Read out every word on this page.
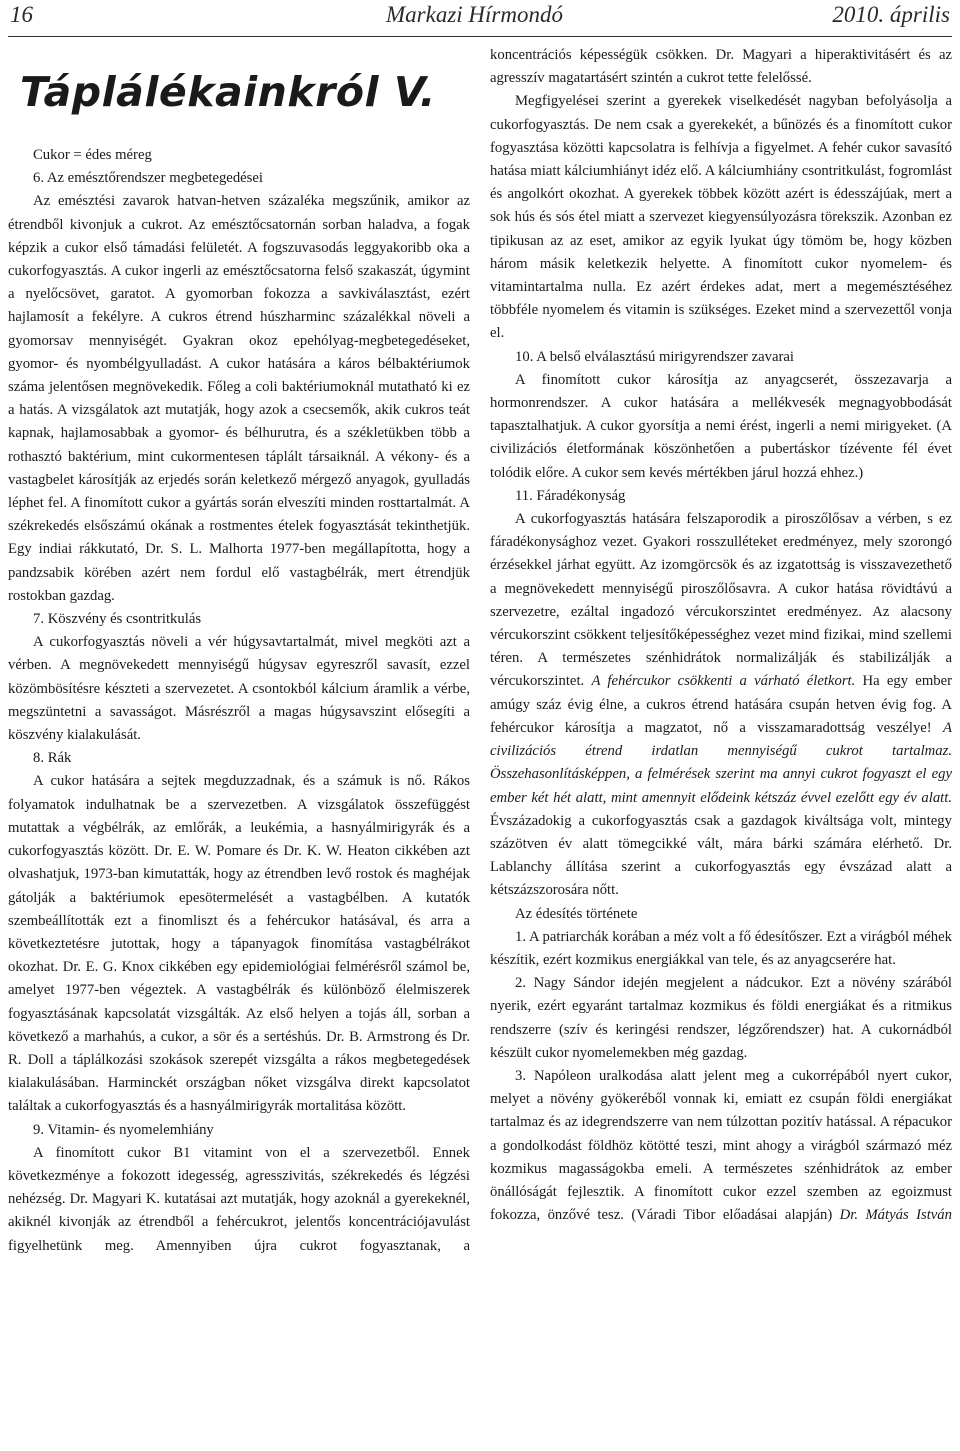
16	Markazi Hírmondó	2010. április
Táplálékainkról V.

Cukor = édes méreg

6. Az emésztőrendszer megbetegedései

Az emésztési zavarok hatvan-hetven százaléka megszűnik, amikor az étrendből kivonjuk a cukrot. Az emésztőcsatornán sorban haladva, a fogak képzik a cukor első támadási felületét. A fogszuvasodás leggyakoribb oka a cukorfogyasztás. A cukor ingerli az emésztőcsatorna felső szakaszát, úgymint a nyelőcsövet, garatot. A gyomorban fokozza a savkiválasztást, ezért hajlamosít a fekélyre. A cukros étrend húszharminc százalékkal növeli a gyomorsav mennyiségét. Gyakran okoz epehólyag-megbetegedéseket, gyomor- és nyombélgyulladást. A cukor hatására a káros bélbaktériumok száma jelentősen megnövekedik. Főleg a coli baktériumoknál mutatható ki ez a hatás. A vizsgálatok azt mutatják, hogy azok a csecsemők, akik cukros teát kapnak, hajlamosabbak a gyomor- és bélhurutra, és a székletükben több a rothasztó baktérium, mint cukormentesen táplált társaiknál. A vékony- és a vastagbelet károsítják az erjedés során keletkező mérgező anyagok, gyulladás léphet fel. A finomított cukor a gyártás során elveszíti minden rosttartalmát. A székrekedés elsőszámú okának a rostmentes ételek fogyasztását tekinthetjük. Egy indiai rákkutató, Dr. S. L. Malhorta 1977-ben megállapította, hogy a pandzsabik körében azért nem fordul elő vastagbélrák, mert étrendjük rostokban gazdag.

7. Köszvény és csontritkulás

A cukorfogyasztás növeli a vér húgysavtartalmát, mivel megköti azt a vérben. A megnövekedett mennyiségű húgysav egyreszről savasít, ezzel közömbösítésre készteti a szervezetet. A csontokból kálcium áramlik a vérbe, megszüntetni a savasságot. Másrészről a magas húgysavszint elősegíti a köszvény kialakulását.

8. Rák

A cukor hatására a sejtek megduzzadnak, és a számuk is nő. Rákos folyamatok indulhatnak be a szervezetben. A vizsgálatok összefüggést mutattak a végbélrák, az emlőrák, a leukémia, a hasnyálmirigyrák és a cukorfogyasztás között. Dr. E. W. Pomare és Dr. K. W. Heaton cikkében azt olvashatjuk, 1973-ban kimutatták, hogy az étrendben levő rostok és maghéjak gátolják a baktériumok epesötermelését a vastagbélben. A kutatók szembeállították ezt a finomliszt és a fehércukor hatásával, és arra a következtetésre jutottak, hogy a tápanyagok finomítása vastagbélrákot okozhat. Dr. E. G. Knox cikkében egy epidemiológiai felmérésről számol be, amelyet 1977-ben végeztek. A vastagbélrák és különböző élelmiszerek fogyasztásának kapcsolatát vizsgálták. Az első helyen a tojás áll, sorban a következő a marhahús, a cukor, a sör és a sertéshús. Dr. B. Armstrong és Dr. R. Doll a táplálkozási szokások szerepét vizsgálta a rákos megbetegedések kialakulásában. Harminckét országban nőket vizsgálva direkt kapcsolatot találtak a cukorfogyasztás és a hasnyálmirigyrák mortalitása között.

9. Vitamin- és nyomelemhiány

A finomított cukor B1 vitamint von el a szervezetből. Ennek következménye a fokozott idegesség, agresszivitás, székrekedés és légzési nehézség. Dr. Magyari K. kutatásai azt mutatják, hogy azoknál a gyerekeknél, akiknél kivonják az étrendből a fehércukrot, jelentős koncentrációjavulást figyelhetünk meg. Amennyiben újra cukrot fogyasztanak, a

koncentrációs képességük csökken. Dr. Magyari a hiperaktivitásért és az agresszív magatartásért szintén a cukrot tette felelőssé.

Megfigyelései szerint a gyerekek viselkedését nagyban befolyásolja a cukorfogyasztás. De nem csak a gyerekekét, a bűnözés és a finomított cukor fogyasztása közötti kapcsolatra is felhívja a figyelmet. A fehér cukor savasító hatása miatt kálciumhiányt idéz elő. A kálciumhiány csontritkulást, fogromlást és angolkórt okozhat. A gyerekek többek között azért is édesszájúak, mert a sok hús és sós étel miatt a szervezet kiegyensúlyozásra törekszik. Azonban ez tipikusan az az eset, amikor az egyik lyukat úgy tömöm be, hogy közben három másik keletkezik helyette. A finomított cukor nyomelem- és vitamintartalma nulla. Ez azért érdekes adat, mert a megemésztéséhez többféle nyomelem és vitamin is szükséges. Ezeket mind a szervezettől vonja el.

10. A belső elválasztású mirigyrendszer zavarai

A finomított cukor károsítja az anyagcserét, összezavarja a hormonrendszer. A cukor hatására a mellékvesék megnagyobbodását tapasztalhatjuk. A cukor gyorsítja a nemi érést, ingerli a nemi mirigyeket. (A civilizációs életformának köszönhetően a pubertáskor tízévente fél évet tolódik előre. A cukor sem kevés mértékben járul hozzá ehhez.)

11. Fáradékonyság

A cukorfogyasztás hatására felszaporodik a piroszőlősav a vérben, s ez fáradékonysághoz vezet. Gyakori rosszulléteket eredményez, mely szorongó érzésekkel járhat együtt. Az izomgörcsök és az izgatottság is visszavezethető a megnövekedett mennyiségű piroszőlősavra. A cukor hatása rövidtávú a szervezetre, ezáltal ingadozó vércukorszintet eredményez. Az alacsony vércukorszint csökkent teljesítőképességhez vezet mind fizikai, mind szellemi téren. A természetes szénhidrátok normalizálják és stabilizálják a vércukorszintet. A fehércukor csökkenti a várható életkort. Ha egy ember amúgy száz évig élne, a cukros étrend hatására csupán hetven évig fog. A fehércukor károsítja a magzatot, nő a visszamaradottság veszélye! A civilizációs étrend irdatlan mennyiségű cukrot tartalmaz. Összehasonlításképpen, a felmérések szerint ma annyi cukrot fogyaszt el egy ember két hét alatt, mint amennyit elődeink kétszáz évvel ezelőtt egy év alatt. Évszázadokig a cukorfogyasztás csak a gazdagok kiváltsága volt, mintegy százötven év alatt tömegcikké vált, mára bárki számára elérhető. Dr. Lablanchy állítása szerint a cukorfogyasztás egy évszázad alatt a kétszázszorosára nőtt.

Az édesítés története

1. A patriarchák korában a méz volt a fő édesítőszer. Ezt a virágból méhek készítik, ezért kozmikus energiákkal van tele, és az anyagcserére hat.

2. Nagy Sándor idején megjelent a nádcukor. Ezt a növény szárából nyerik, ezért egyaránt tartalmaz kozmikus és földi energiákat és a ritmikus rendszerre (szív és keringési rendszer, légzőrendszer) hat. A cukornádból készült cukor nyomelemekben még gazdag.

3. Napóleon uralkodása alatt jelent meg a cukorrépából nyert cukor, melyet a növény gyökeréből vonnak ki, emiatt ez csupán földi energiákat tartalmaz és az idegrendszerre van nem túlzottan pozitív hatással. A répacukor a gondolkodást földhöz kötötté teszi, mint ahogy a virágból származó méz kozmikus magasságokba emeli. A természetes szénhidrátok az ember önállóságát fejlesztik. A finomított cukor ezzel szemben az egoizmust fokozza, önzővé tesz. (Váradi Tibor előadásai alapján) Dr. Mátyás István
